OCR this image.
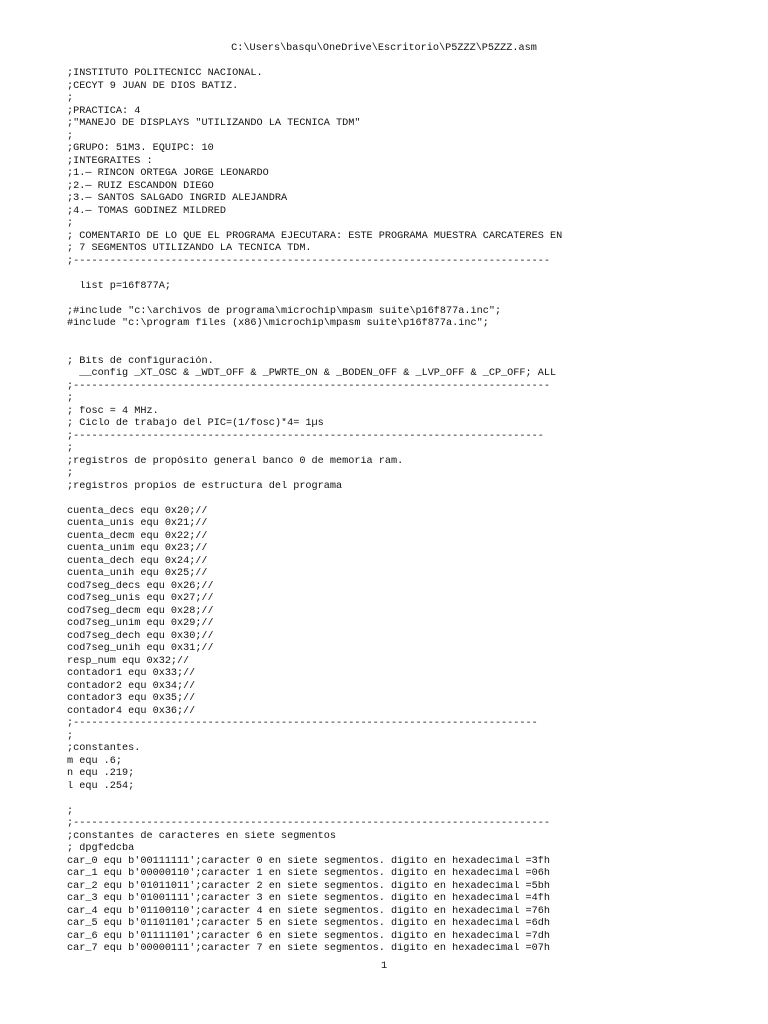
C:\Users\basqu\OneDrive\Escritorio\P5ZZZ\P5ZZZ.asm
;INSTITUTO POLITECNICC NACIONAL.
;CECYT 9 JUAN DE DIOS BATIZ.
;
;PRACTICA: 4
;"MANEJO DE DISPLAYS "UTILIZANDO LA TECNICA TDM"
;
;GRUPO: 51M3. EQUIPC: 10
;INTEGRAITES :
;1.— RINCON ORTEGA JORGE LEONARDO
;2.— RUIZ ESCANDON DIEGO
;3.— SANTOS SALGADO INGRID ALEJANDRA
;4.— TOMAS GODINEZ MILDRED
;
; COMENTARIO DE LO QUE EL PROGRAMA EJECUTARA: ESTE PROGRAMA MUESTRA CARCATERES EN
; 7 SEGMENTOS UTILIZANDO LA TECNICA TDM.
;------------------------------------------------------------------------------
list p=16f877A;
;#include "c:\archivos de programa\microchip\mpasm suite\p16f877a.inc";
#include "c:\program files (x86)\microchip\mpasm suite\p16f877a.inc";
; Bits de configuración.
__config _XT_OSC & _WDT_OFF & _PWRTE_ON & _BODEN_OFF & _LVP_OFF & _CP_OFF; ALL
;------------------------------------------------------------------------------
;
; fosc = 4 MHz.
; Ciclo de trabajo del PIC=(1/fosc)*4= 1µs
;-----------------------------------------------------------------------------
;
;registros de propósito general banco 0 de memoria ram.
;
;registros propios de estructura del programa
cuenta_decs equ 0x20;//
cuenta_unis equ 0x21;//
cuenta_decm equ 0x22;//
cuenta_unim equ 0x23;//
cuenta_dech equ 0x24;//
cuenta_unih equ 0x25;//
cod7seg_decs equ 0x26;//
cod7seg_unis equ 0x27;//
cod7seg_decm equ 0x28;//
cod7seg_unim equ 0x29;//
cod7seg_dech equ 0x30;//
cod7seg_unih equ 0x31;//
resp_num equ 0x32;//
contador1 equ 0x33;//
contador2 equ 0x34;//
contador3 equ 0x35;//
contador4 equ 0x36;//
;----------------------------------------------------------------------------
;
;constantes.
m equ .6;
n equ .219;
l equ .254;
;
;------------------------------------------------------------------------------
;constantes de caracteres en siete segmentos
; dpgfedcba
car_0 equ b'00111111';caracter 0 en siete segmentos. digito en hexadecimal =3fh
car_1 equ b'00000110';caracter 1 en siete segmentos. digito en hexadecimal =06h
car_2 equ b'01011011';caracter 2 en siete segmentos. digito en hexadecimal =5bh
car_3 equ b'01001111';caracter 3 en siete segmentos. digito en hexadecimal =4fh
car_4 equ b'01100110';caracter 4 en siete segmentos. digito en hexadecimal =76h
car_5 equ b'01101101';caracter 5 en siete segmentos. digito en hexadecimal =6dh
car_6 equ b'01111101';caracter 6 en siete segmentos. digito en hexadecimal =7dh
car_7 equ b'00000111';caracter 7 en siete segmentos. digito en hexadecimal =07h
1
